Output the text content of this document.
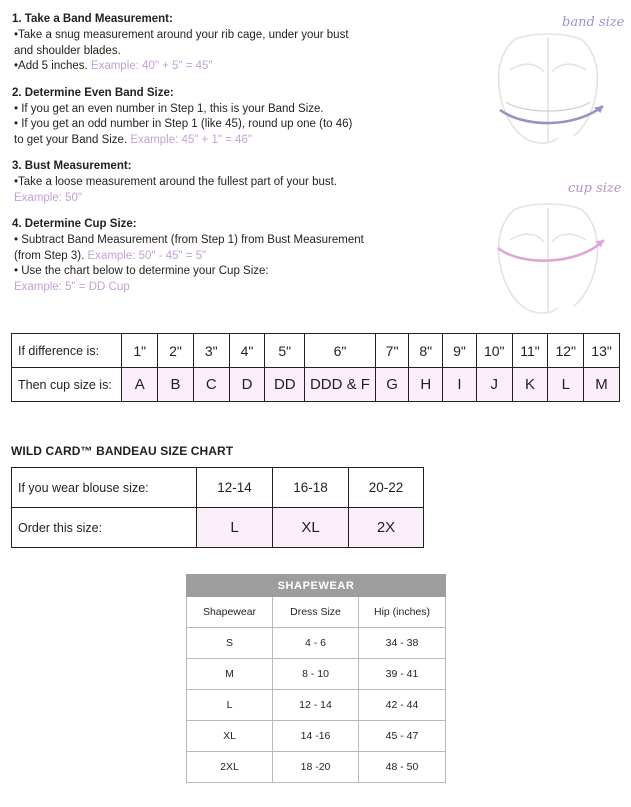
band size
cup size
1. Take a Band Measurement:
•Take a snug measurement around your rib cage, under your bust
and shoulder blades.
•Add 5 inches. Example: 40" + 5" = 45"
2. Determine Even Band Size:
• If you get an even number in Step 1, this is your Band Size.
• If you get an odd number in Step 1 (like 45), round up one (to 46)
to get your Band Size. Example: 45" + 1" = 46"
3. Bust Measurement:
•Take a loose measurement around the fullest part of your bust.
Example: 50"
4. Determine Cup Size:
• Subtract Band Measurement (from Step 1) from Bust Measurement
(from Step 3). Example: 50" - 45" = 5"
• Use the chart below to determine your Cup Size:
Example: 5" = DD Cup
If difference is:	1"	2"	3"	4"	5"	6"	7"	8"	9"	10"	11"	12"	13"
Then cup size is:	A	B	C	D	DD	DDD & F	G	H	I	J	K	L	M
WILD CARD™ BANDEAU SIZE CHART
If you wear blouse size:	12-14	16-18	20-22
Order this size:	L	XL	2X
SHAPEWEAR		
Shapewear	Dress Size	Hip (inches)
S	4 - 6	34 - 38
M	8 - 10	39 - 41
L	12 - 14	42 - 44
XL	14 -16	45 - 47
2XL	18 -20	48 - 50
